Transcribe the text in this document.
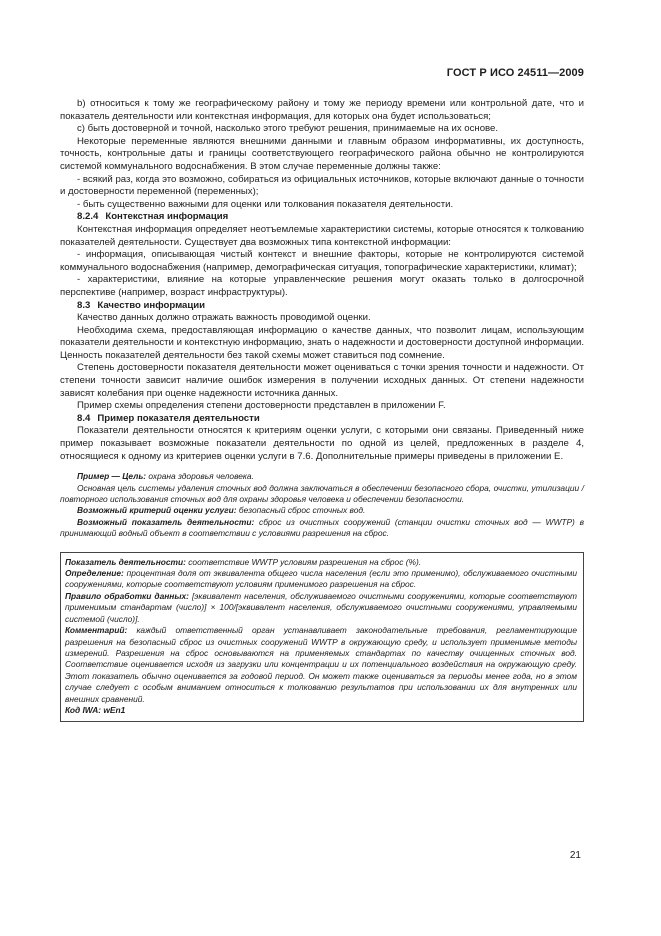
ГОСТ Р ИСО 24511—2009

b) относиться к тому же географическому району и тому же периоду времени или контрольной дате, что и показатель деятельности или контекстная информация, для которых она будет использоваться;

c) быть достоверной и точной, насколько этого требуют решения, принимаемые на их основе.

Некоторые переменные являются внешними данными и главным образом информативны, их доступность, точность, контрольные даты и границы соответствующего географического района обычно не контролируются системой коммунального водоснабжения. В этом случае переменные должны также:

- всякий раз, когда это возможно, собираться из официальных источников, которые включают данные о точности и достоверности переменной (переменных);

- быть существенно важными для оценки или толкования показателя деятельности.

8.2.4 Контекстная информация

Контекстная информация определяет неотъемлемые характеристики системы, которые относятся к толкованию показателей деятельности. Существует два возможных типа контекстной информации:

- информация, описывающая чистый контекст и внешние факторы, которые не контролируются системой коммунального водоснабжения (например, демографическая ситуация, топографические характеристики, климат);

- характеристики, влияние на которые управленческие решения могут оказать только в долгосрочной перспективе (например, возраст инфраструктуры).

8.3 Качество информации

Качество данных должно отражать важность проводимой оценки.

Необходима схема, предоставляющая информацию о качестве данных, что позволит лицам, использующим показатели деятельности и контекстную информацию, знать о надежности и достоверности доступной информации. Ценность показателей деятельности без такой схемы может ставиться под сомнение.

Степень достоверности показателя деятельности может оцениваться с точки зрения точности и надежности. От степени точности зависит наличие ошибок измерения в получении исходных данных. От степени надежности зависят колебания при оценке надежности источника данных.

Пример схемы определения степени достоверности представлен в приложении F.

8.4 Пример показателя деятельности

Показатели деятельности относятся к критериям оценки услуги, с которыми они связаны. Приведенный ниже пример показывает возможные показатели деятельности по одной из целей, предложенных в разделе 4, относящиеся к одному из критериев оценки услуги в 7.6. Дополнительные примеры приведены в приложении Е.

Пример — Цель: охрана здоровья человека.

Основная цель системы удаления сточных вод должна заключаться в обеспечении безопасного сбора, очистки, утилизации /повторного использования сточных вод для охраны здоровья человека и обеспечении безопасности.

Возможный критерий оценки услуги: безопасный сброс сточных вод.

Возможный показатель деятельности: сброс из очистных сооружений (станции очистки сточных вод — WWTP) в принимающий водный объект в соответствии с условиями разрешения на сброс.

Показатель деятельности: соответствие WWTP условиям разрешения на сброс (%).

Определение: процентная доля от эквивалента общего числа населения (если это применимо), обслуживаемого очистными сооружениями, которые соответствуют условиям применимого разрешения на сброс.

Правило обработки данных: [эквивалент населения, обслуживаемого очистными сооружениями, которые соответствуют применимым стандартам (число)] × 100/[эквивалент населения, обслуживаемого очистными сооружениями, управляемыми системой (число)].

Комментарий: каждый ответственный орган устанавливает законодательные требования, регламентирующие разрешения на безопасный сброс из очистных сооружений WWTP в окружающую среду, и использует применимые методы измерений. Разрешения на сброс основываются на применяемых стандартах по качеству очищенных сточных вод. Соответствие оценивается исходя из загрузки или концентрации и их потенциального воздействия на окружающую среду. Этот показатель обычно оценивается за годовой период. Он может также оцениваться за периоды менее года, но в этом случае следует с особым вниманием относиться к толкованию результатов при использовании их для внутренних или внешних сравнений.

Код IWA: wEn1

21
